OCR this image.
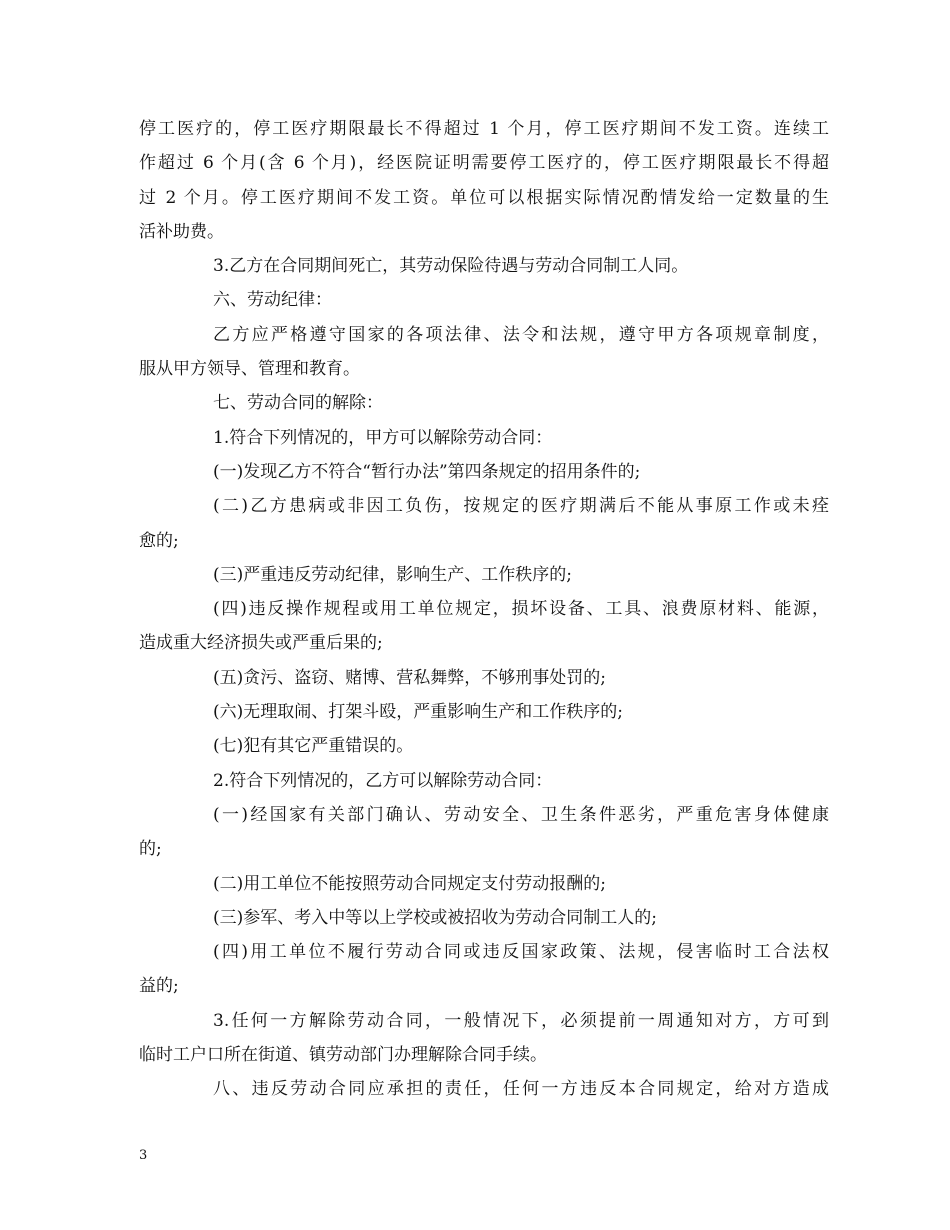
停工医疗的，停工医疗期限最长不得超过 1 个月，停工医疗期间不发工资。连续工
作超过 6 个月(含 6 个月)，经医院证明需要停工医疗的，停工医疗期限最长不得超
过 2 个月。停工医疗期间不发工资。单位可以根据实际情况酌情发给一定数量的生
活补助费。
3.乙方在合同期间死亡，其劳动保险待遇与劳动合同制工人同。
六、劳动纪律：
乙方应严格遵守国家的各项法律、法令和法规，遵守甲方各项规章制度，
服从甲方领导、管理和教育。
七、劳动合同的解除：
1.符合下列情况的，甲方可以解除劳动合同：
(一)发现乙方不符合“暂行办法”第四条规定的招用条件的;
(二)乙方患病或非因工负伤，按规定的医疗期满后不能从事原工作或未痊
愈的;
(三)严重违反劳动纪律，影响生产、工作秩序的;
(四)违反操作规程或用工单位规定，损坏设备、工具、浪费原材料、能源，
造成重大经济损失或严重后果的;
(五)贪污、盗窃、赌博、营私舞弊，不够刑事处罚的;
(六)无理取闹、打架斗殴，严重影响生产和工作秩序的;
(七)犯有其它严重错误的。
2.符合下列情况的，乙方可以解除劳动合同：
(一)经国家有关部门确认、劳动安全、卫生条件恶劣，严重危害身体健康
的;
(二)用工单位不能按照劳动合同规定支付劳动报酬的;
(三)参军、考入中等以上学校或被招收为劳动合同制工人的;
(四)用工单位不履行劳动合同或违反国家政策、法规，侵害临时工合法权
益的;
3.任何一方解除劳动合同，一般情况下，必须提前一周通知对方，方可到
临时工户口所在街道、镇劳动部门办理解除合同手续。
八、违反劳动合同应承担的责任，任何一方违反本合同规定，给对方造成
3
